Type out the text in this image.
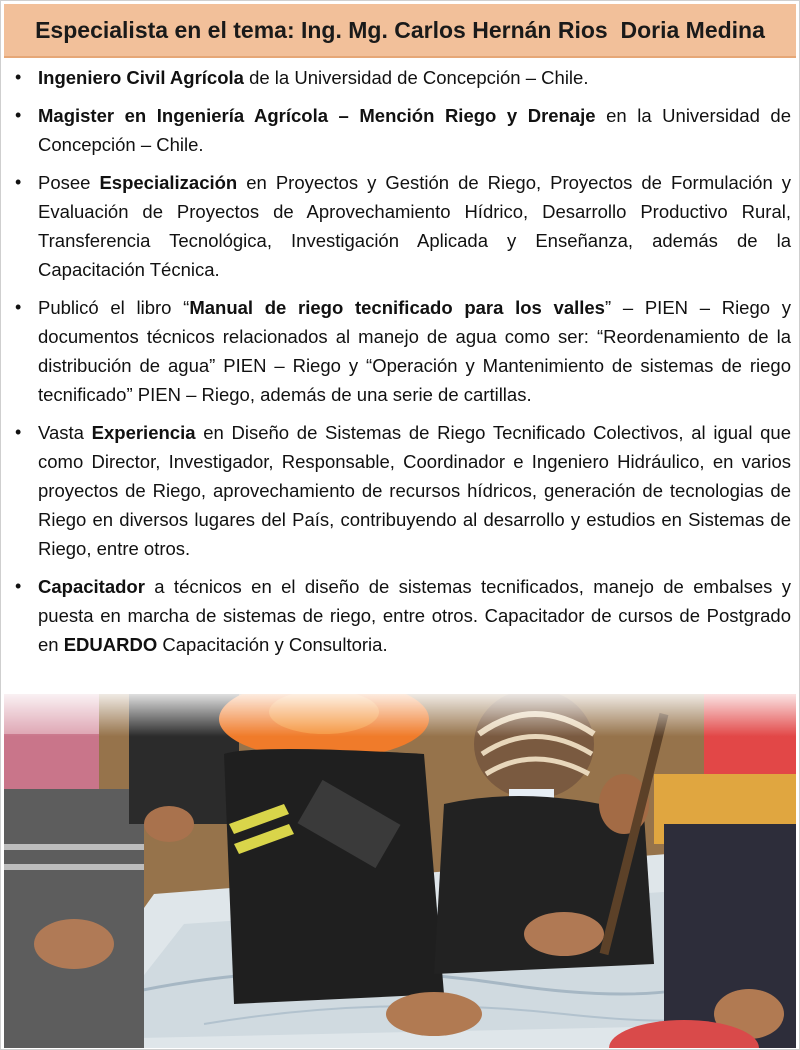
Especialista en el tema: Ing. Mg. Carlos Hernán Rios  Doria Medina
• Ingeniero Civil Agrícola de la Universidad de Concepción – Chile.
• Magister en Ingeniería Agrícola – Mención Riego y Drenaje en la Universidad de Concepción – Chile.
• Posee Especialización en Proyectos y Gestión de Riego, Proyectos de Formulación y Evaluación de Proyectos de Aprovechamiento Hídrico, Desarrollo Productivo Rural, Transferencia Tecnológica, Investigación Aplicada y Enseñanza, además de la Capacitación Técnica.
• Publicó el libro “Manual de riego tecnificado para los valles” – PIEN – Riego y documentos técnicos relacionados al manejo de agua como ser: “Reordenamiento de la distribución de agua” PIEN – Riego y “Operación y Mantenimiento de sistemas de riego tecnificado” PIEN – Riego, además de una serie de cartillas.
• Vasta Experiencia en Diseño de Sistemas de Riego Tecnificado Colectivos, al igual que como Director, Investigador, Responsable, Coordinador e Ingeniero Hidráulico, en varios proyectos de Riego, aprovechamiento de recursos hídricos, generación de tecnologias de Riego en diversos lugares del País, contribuyendo al desarrollo y estudios en Sistemas de Riego, entre otros.
• Capacitador a técnicos en el diseño de sistemas tecnificados, manejo de embalses y puesta en marcha de sistemas de riego, entre otros. Capacitador de cursos de Postgrado en EDUARDO Capacitación y Consultoria.
